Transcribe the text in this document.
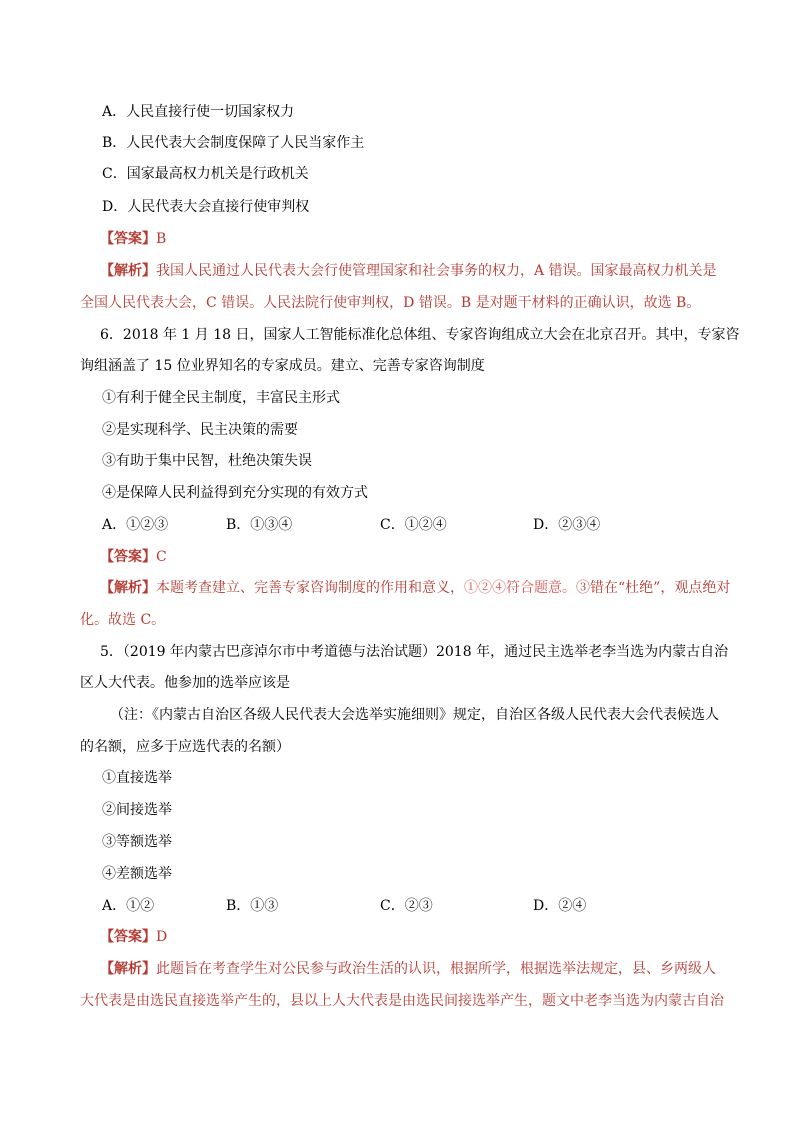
A．人民直接行使一切国家权力
B．人民代表大会制度保障了人民当家作主
C．国家最高权力机关是行政机关
D．人民代表大会直接行使审判权
【答案】B
【解析】我国人民通过人民代表大会行使管理国家和社会事务的权力，A 错误。国家最高权力机关是
全国人民代表大会，C 错误。人民法院行使审判权，D 错误。B 是对题干材料的正确认识，故选 B。
6．2018 年 1 月 18 日，国家人工智能标准化总体组、专家咨询组成立大会在北京召开。其中，专家咨
询组涵盖了 15 位业界知名的专家成员。建立、完善专家咨询制度
①有利于健全民主制度，丰富民主形式
②是实现科学、民主决策的需要
③有助于集中民智，杜绝决策失误
④是保障人民利益得到充分实现的有效方式
A．①②③	B．①③④	C．①②④	D．②③④
【答案】C
【解析】本题考查建立、完善专家咨询制度的作用和意义，①②④符合题意。③错在“杜绝”，观点绝对
化。故选 C。
5．（2019 年内蒙古巴彦淖尔市中考道德与法治试题）2018 年，通过民主选举老李当选为内蒙古自治
区人大代表。他参加的选举应该是
（注：《内蒙古自治区各级人民代表大会选举实施细则》规定，自治区各级人民代表大会代表候选人
的名额，应多于应选代表的名额）
①直接选举
②间接选举
③等额选举
④差额选举
A．①②	B．①③	C．②③	D．②④
【答案】D
【解析】此题旨在考查学生对公民参与政治生活的认识，根据所学，根据选举法规定，县、乡两级人
大代表是由选民直接选举产生的，县以上人大代表是由选民间接选举产生，题文中老李当选为内蒙古自治
